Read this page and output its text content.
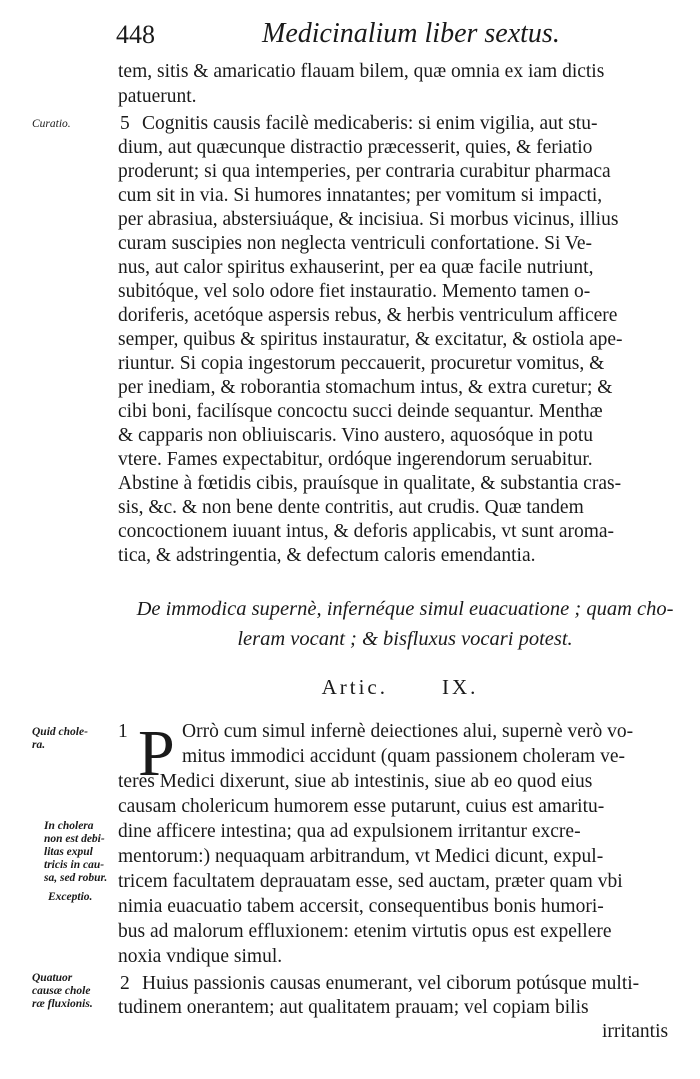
448	Medicinalium liber sextus.
tem, sitis & amaricatio flauam bilem, quæ omnia ex iam dictis
patuerunt.
5 Cognitis causis facilè medicaberis: si enim vigilia, aut stu-
dium, aut quæcunque distractio præcesserit, quies, & feriatio
proderunt; si qua intemperies, per contraria curabitur pharmaca
cum sit in via. Si humores innatantes; per vomitum si impacti,
per abrasiua, abstersiuáque, & incisiua. Si morbus vicinus, illius
curam suscipies non neglecta ventriculi confortatione. Si Ve-
nus, aut calor spiritus exhauserint, per ea quæ facile nutriunt,
subitóque, vel solo odore fiet instauratio. Memento tamen o-
doriferis, acetóque aspersis rebus, & herbis ventriculum afficere
semper, quibus & spiritus instauratur, & excitatur, & ostiola ape-
riuntur. Si copia ingestorum peccauerit, procuretur vomitus, &
per inediam, & roborantia stomachum intus, & extra curetur; &
cibi boni, facilísque concoctu succi deinde sequantur. Menthæ
& capparis non obliuiscaris. Vino austero, aquosóque in potu
vtere. Fames expectabitur, ordóque ingerendorum seruabitur.
Abstine à fœtidis cibis, prauísque in qualitate, & substantia cras-
sis, &c. & non bene dente contritis, aut crudis. Quæ tandem
concoctionem iuuant intus, & deforis applicabis, vt sunt aroma-
tica, & adstringentia, & defectum caloris emendantia.
Curatio.
De immodica supernè, infernéque simul euacuatione ; quam cho-
leram vocant ; & bisfluxus vocari potest.
Artic.	IX.
1 P Orrò cum simul infernè deiectiones alui, supernè verò vo-
mitus immodici accidunt (quam passionem choleram ve-
teres Medici dixerunt, siue ab intestinis, siue ab eo quod eius
causam cholericum humorem esse putarunt, cuius est amaritu-
dine afficere intestina; qua ad expulsionem irritantur excre-
mentorum:) nequaquam arbitrandum, vt Medici dicunt, expul-
tricem facultatem deprauatam esse, sed auctam, præter quam vbi
nimia euacuatio tabem accersit, consequentibus bonis humori-
bus ad malorum effluxionem: etenim virtutis opus est expellere
noxia vndique simul.
2 Huius passionis causas enumerant, vel ciborum potúsque multi-
tudinem onerantem; aut qualitatem prauam; vel copiam bilis
irritantis
Quid chole-
ra.
In cholera
non est debi-
litas expul
tricis in cau-
sa, sed robur.
Exceptio.
Quatuor
causæ chole
ræ fluxionis.
